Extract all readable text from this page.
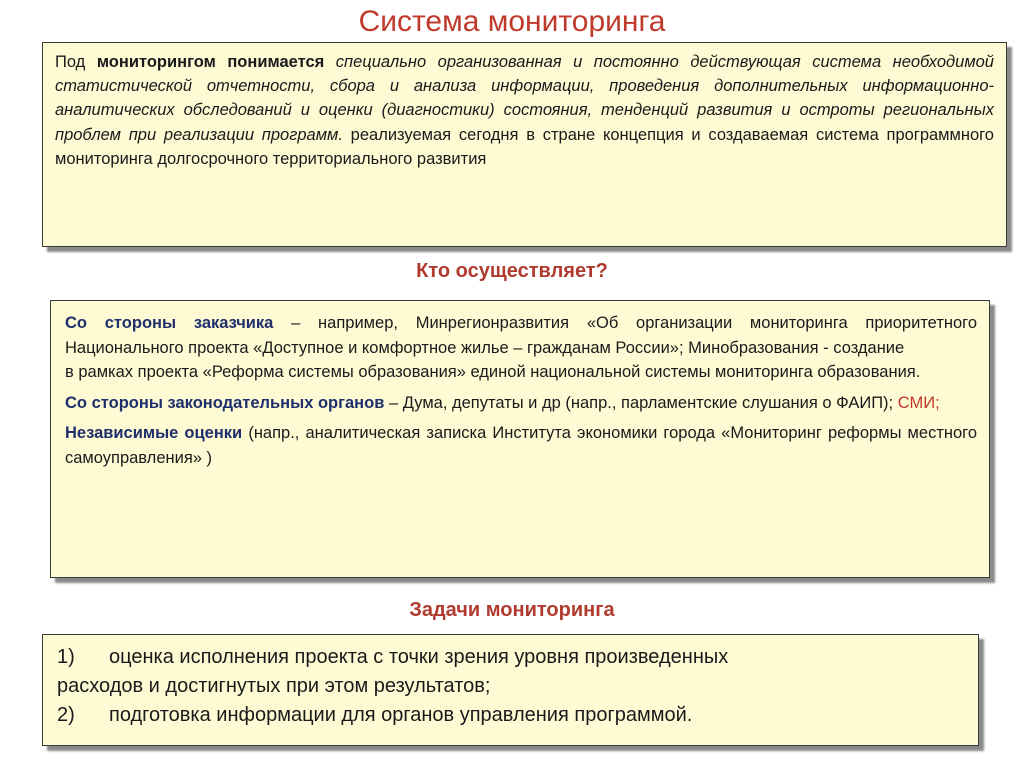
Система мониторинга

Под мониторингом понимается специально организованная и постоянно действующая система необходимой статистической отчетности, сбора и анализа информации, проведения дополнительных информационно-аналитических обследований и оценки (диагностики) состояния, тенденций развития и остроты региональных проблем при реализации программ. реализуемая сегодня в стране концепция и создаваемая система программного мониторинга долгосрочного территориального развития

Кто осуществляет?

Со стороны заказчика – например, Минрегионразвития «Об организации мониторинга приоритетного Национального проекта «Доступное и комфортное жилье – гражданам России»; Минобразования - создание

в рамках проекта «Реформа системы образования» единой национальной системы мониторинга образования.

Со стороны законодательных органов – Дума, депутаты и др (напр., парламентские слушания о ФАИП); СМИ;

Независимые оценки (напр., аналитическая записка Института экономики города «Мониторинг реформы местного самоуправления» )

Задачи мониторинга

1) оценка исполнения проекта с точки зрения уровня произведенных

расходов и достигнутых при этом результатов;

2) подготовка информации для органов управления программой.
